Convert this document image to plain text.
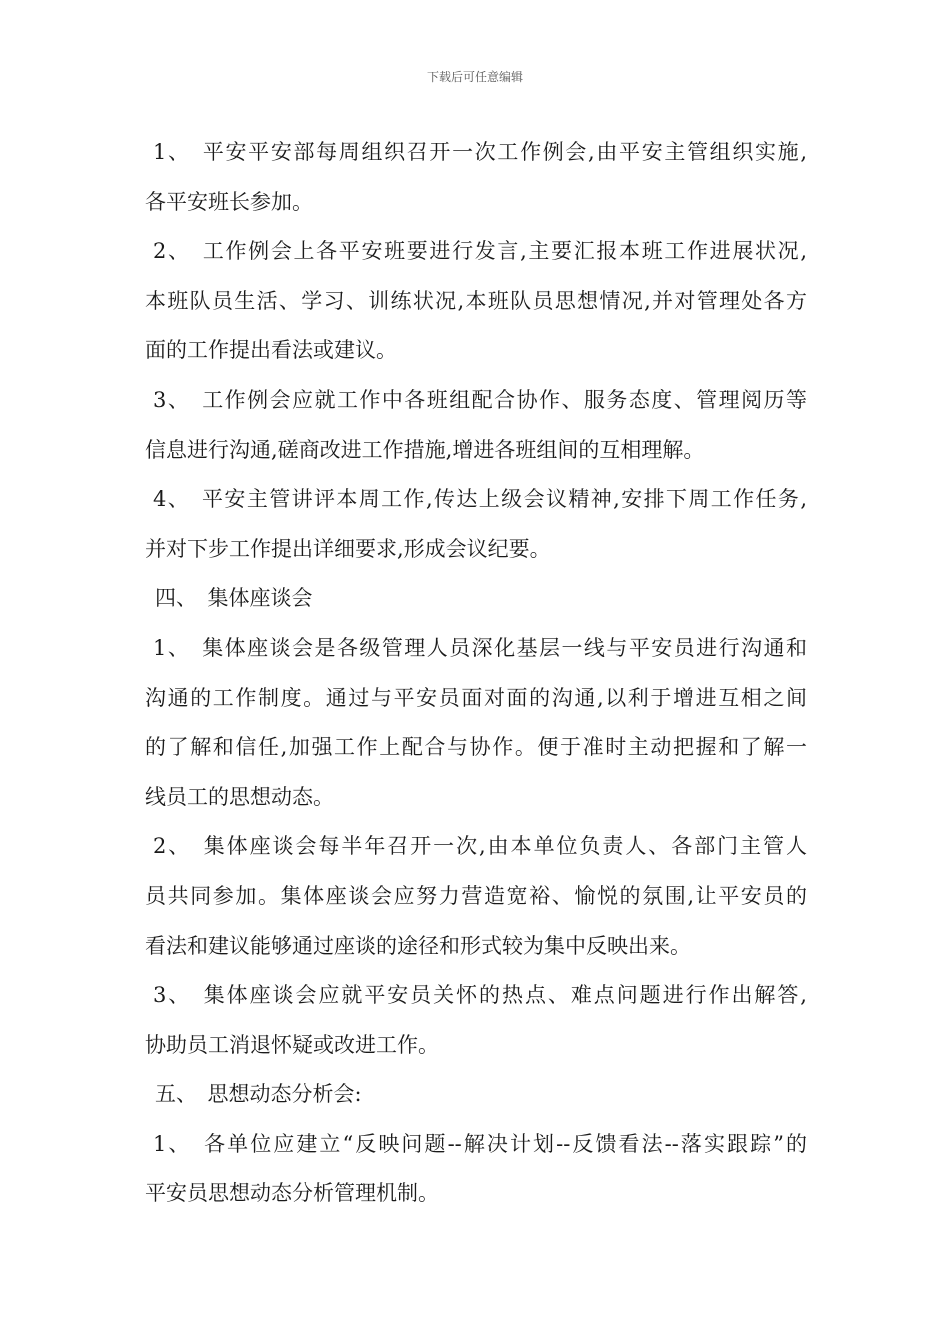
下载后可任意编辑
1、　平安平安部每周组织召开一次工作例会,由平安主管组织实施,
各平安班长参加。
2、　工作例会上各平安班要进行发言,主要汇报本班工作进展状况,
本班队员生活、学习、训练状况,本班队员思想情况,并对管理处各方
面的工作提出看法或建议。
3、　工作例会应就工作中各班组配合协作、服务态度、管理阅历等
信息进行沟通,磋商改进工作措施,增进各班组间的互相理解。
4、　平安主管讲评本周工作,传达上级会议精神,安排下周工作任务,
并对下步工作提出详细要求,形成会议纪要。
四、　集体座谈会
1、　集体座谈会是各级管理人员深化基层一线与平安员进行沟通和
沟通的工作制度。通过与平安员面对面的沟通,以利于增进互相之间
的了解和信任,加强工作上配合与协作。便于准时主动把握和了解一
线员工的思想动态。
2、　集体座谈会每半年召开一次,由本单位负责人、各部门主管人
员共同参加。集体座谈会应努力营造宽裕、愉悦的氛围,让平安员的
看法和建议能够通过座谈的途径和形式较为集中反映出来。
3、　集体座谈会应就平安员关怀的热点、难点问题进行作出解答,
协助员工消退怀疑或改进工作。
五、　思想动态分析会:
1、　各单位应建立“反映问题--解决计划--反馈看法--落实跟踪”的
平安员思想动态分析管理机制。
